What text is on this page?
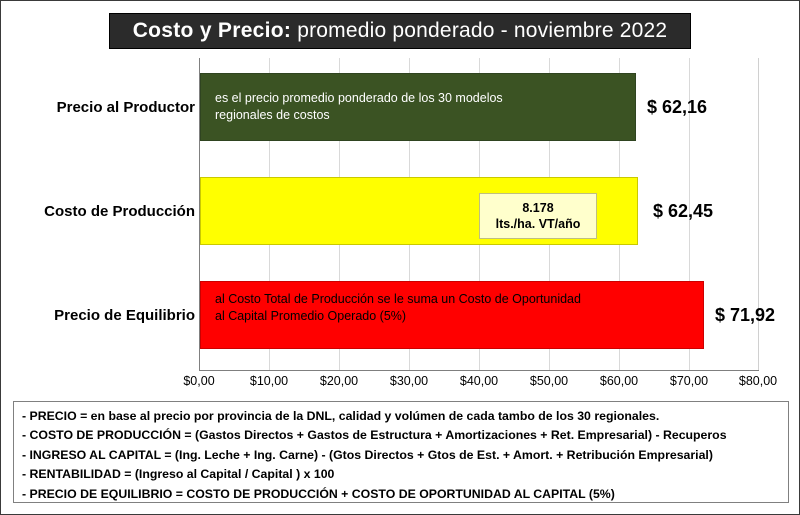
Costo y Precio: promedio ponderado - noviembre 2022
es el precio promedio ponderado de los 30 modelos
regionales de costos
8.178
lts./ha. VT/año
al Costo Total de Producción se le suma un Costo de Oportunidad
al Capital Promedio Operado (5%)
$ 62,16
$ 62,45
$ 71,92
Precio al Productor
Costo de Producción
Precio de Equilibrio
$0,00	$10,00	$20,00	$30,00	$40,00	$50,00	$60,00	$70,00 $80,00
- PRECIO = en base al precio por provincia de la DNL, calidad y volúmen de cada tambo de los 30 regionales.
- COSTO DE PRODUCCIÓN = (Gastos Directos + Gastos de Estructura + Amortizaciones + Ret. Empresarial) - Recuperos
- INGRESO AL CAPITAL = (Ing. Leche + Ing. Carne) - (Gtos Directos + Gtos de Est. + Amort. + Retribución Empresarial)
- RENTABILIDAD = (Ingreso al Capital / Capital ) x 100
- PRECIO DE EQUILIBRIO = COSTO DE PRODUCCIÓN + COSTO DE OPORTUNIDAD AL CAPITAL (5%)
